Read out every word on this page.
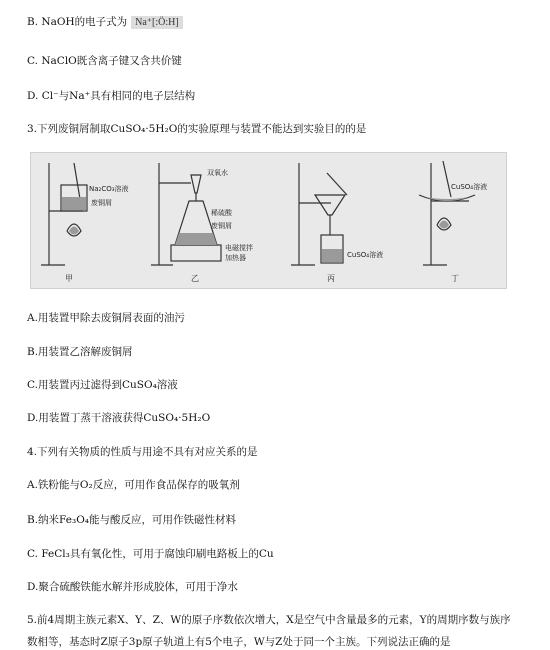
B. NaOH的电子式为 Na⁺[:Ö:H]
C. NaClO既含离子键又含共价键
D. Cl⁻与Na⁺具有相同的电子层结构
3.下列废铜屑制取CuSO₄·5H₂O的实验原理与装置不能达到实验目的的是
Na₂CO₃溶液
废铜屑
甲
双氧水
稀硫酸
废铜屑
电磁搅拌
加热器
乙
CuSO₄溶液
丙
CuSO₄溶液
丁
A.用装置甲除去废铜屑表面的油污
B.用装置乙溶解废铜屑
C.用装置丙过滤得到CuSO₄溶液
D.用装置丁蒸干溶液获得CuSO₄·5H₂O
4.下列有关物质的性质与用途不具有对应关系的是
A.铁粉能与O₂反应，可用作食品保存的吸氧剂
B.纳米Fe₃O₄能与酸反应，可用作铁磁性材料
C. FeCl₃具有氧化性，可用于腐蚀印刷电路板上的Cu
D.聚合硫酸铁能水解并形成胶体，可用于净水
5.前4周期主族元素X、Y、Z、W的原子序数依次增大，X是空气中含量最多的元素，Y的周期序数与族序
数相等，基态时Z原子3p原子轨道上有5个电子，W与Z处于同一个主族。下列说法正确的是
